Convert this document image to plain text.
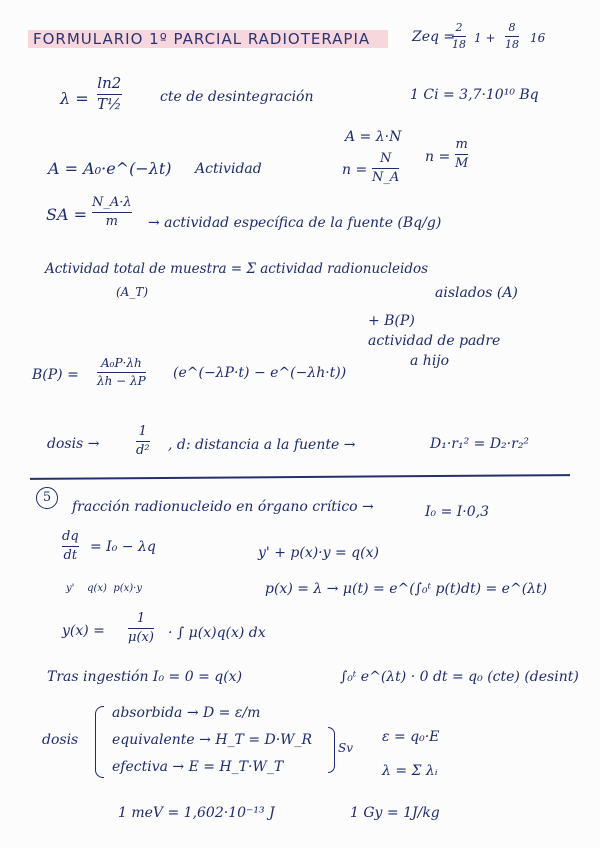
FORMULARIO 1º PARCIAL RADIOTERAPIA	Zeq =
2
18 1 +
8
18 16
λ =
ln2
T½	cte de desintegración	1 Ci = 3,7·10¹⁰ Bq
A = λ·N
n =
N
N_A
n =
m
M
A = A₀·e^(−λt) Actividad
SA =
N_A·λ
m → actividad específica de la fuente (Bq/g)
Actividad total de muestra = Σ actividad radionucleidos
(A_T)	aislados (A)
+ B(P)
actividad de padre
a hijo
B(P) =
A₀P·λh
λh − λP (e^(−λP·t) − e^(−λh·t))
dosis →
1
d² , d: distancia a la fuente →	D₁·r₁² = D₂·r₂²
5
fracción radionucleido en órgano crítico →	I₀ = I·0,3
dq
dt
= I₀ − λq
y'    q(x)  p(x)·y
y' + p(x)·y = q(x)
p(x) = λ → μ(t) = e^(∫₀ᵗ p(t)dt) = e^(λt)
y(x) =
1
μ(x) · ∫ μ(x)q(x) dx
Tras ingestión I₀ = 0 = q(x)	∫₀ᵗ e^(λt) · 0 dt = q₀ (cte) (desint)
dosis
absorbida → D = ε/m
equivalente → H_T = D·W_R
efectiva → E = H_T·W_T
Sv
ε = q₀·E
λ = Σ λᵢ
1 meV = 1,602·10⁻¹³ J	1 Gy = 1J/kg
